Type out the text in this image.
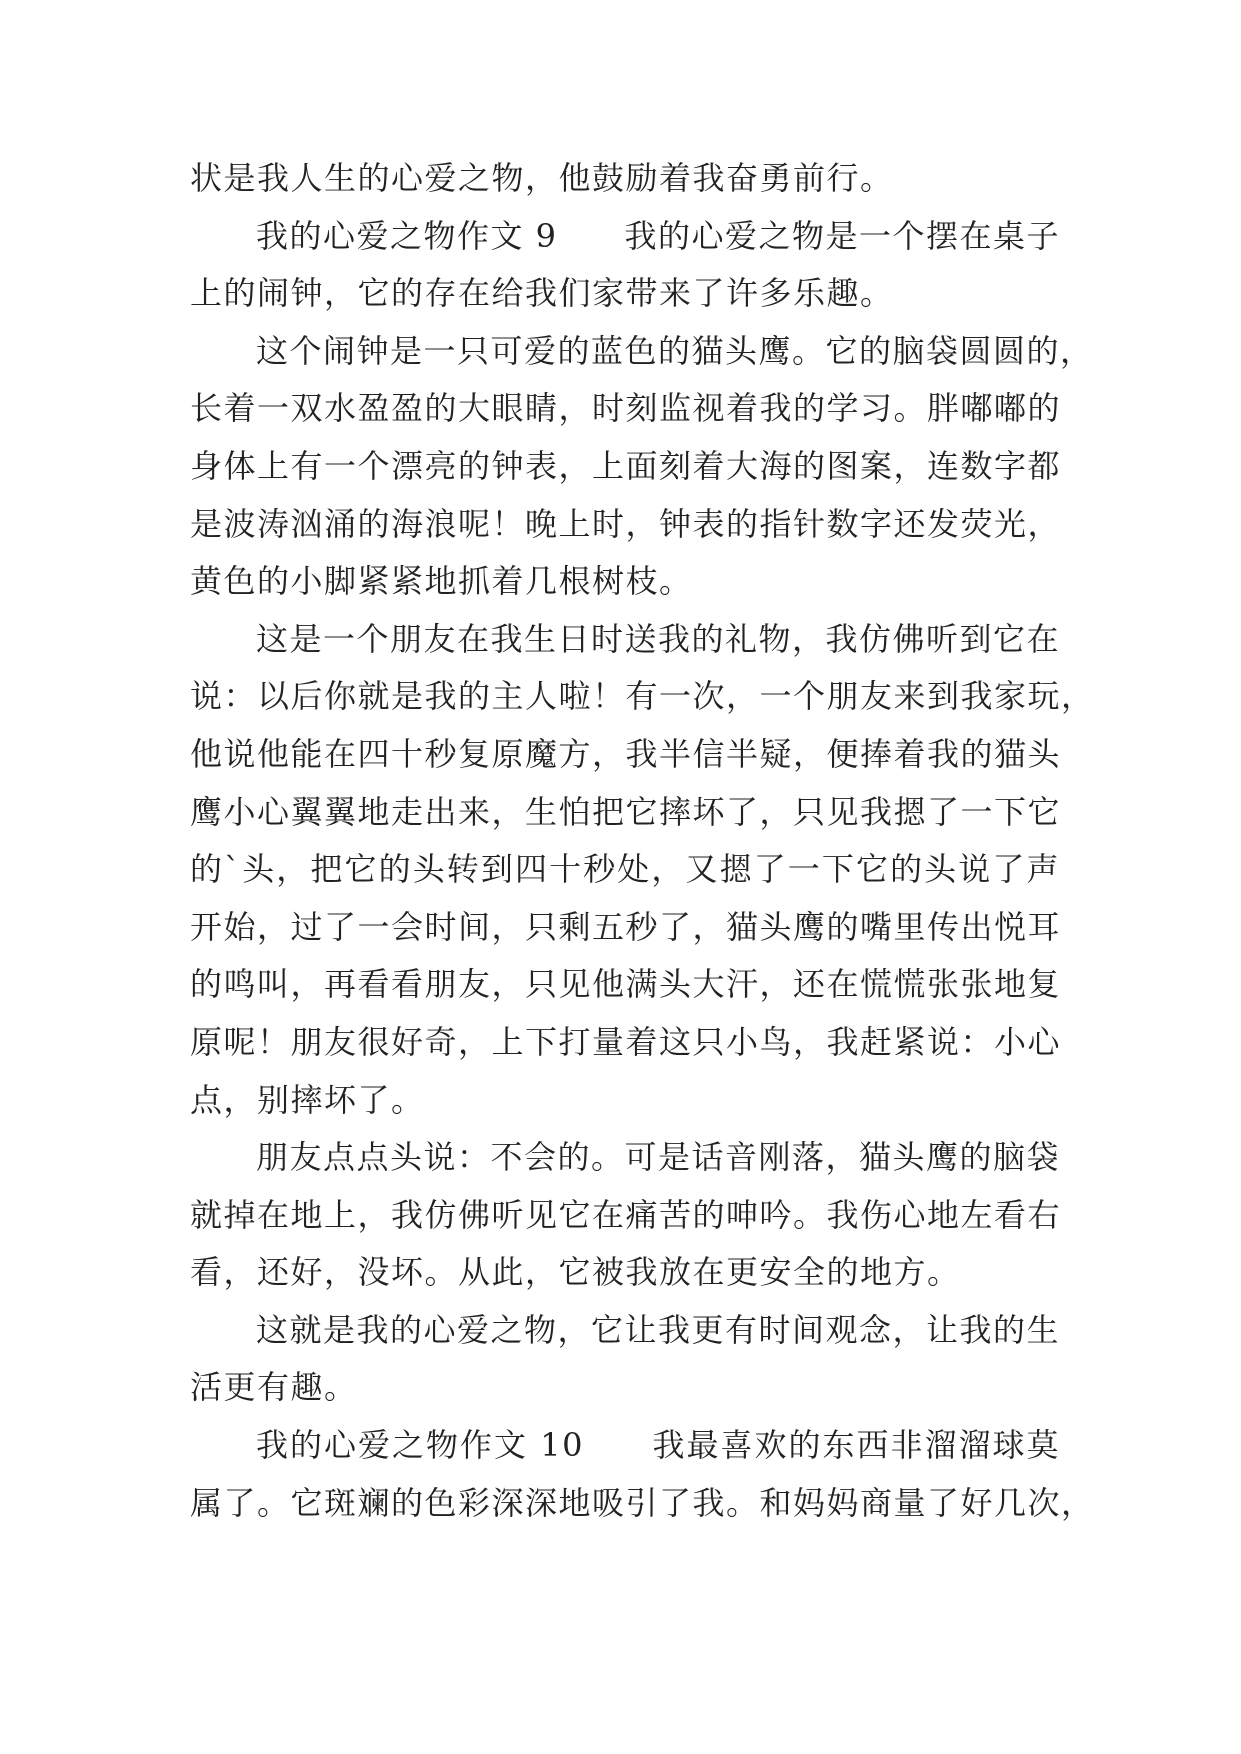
状是我人生的心爱之物，他鼓励着我奋勇前行。
我的心爱之物作文 9　　我的心爱之物是一个摆在桌子
上的闹钟，它的存在给我们家带来了许多乐趣。
这个闹钟是一只可爱的蓝色的猫头鹰。它的脑袋圆圆的，
长着一双水盈盈的大眼睛，时刻监视着我的学习。胖嘟嘟的
身体上有一个漂亮的钟表，上面刻着大海的图案，连数字都
是波涛汹涌的海浪呢！晚上时，钟表的指针数字还发荧光，
黄色的小脚紧紧地抓着几根树枝。
这是一个朋友在我生日时送我的礼物，我仿佛听到它在
说：以后你就是我的主人啦！有一次，一个朋友来到我家玩，
他说他能在四十秒复原魔方，我半信半疑，便捧着我的猫头
鹰小心翼翼地走出来，生怕把它摔坏了，只见我摁了一下它
的`头，把它的头转到四十秒处，又摁了一下它的头说了声
开始，过了一会时间，只剩五秒了，猫头鹰的嘴里传出悦耳
的鸣叫，再看看朋友，只见他满头大汗，还在慌慌张张地复
原呢！朋友很好奇，上下打量着这只小鸟，我赶紧说：小心
点，别摔坏了。
朋友点点头说：不会的。可是话音刚落，猫头鹰的脑袋
就掉在地上，我仿佛听见它在痛苦的呻吟。我伤心地左看右
看，还好，没坏。从此，它被我放在更安全的地方。
这就是我的心爱之物，它让我更有时间观念，让我的生
活更有趣。
我的心爱之物作文 10　　我最喜欢的东西非溜溜球莫
属了。它斑斓的色彩深深地吸引了我。和妈妈商量了好几次，
